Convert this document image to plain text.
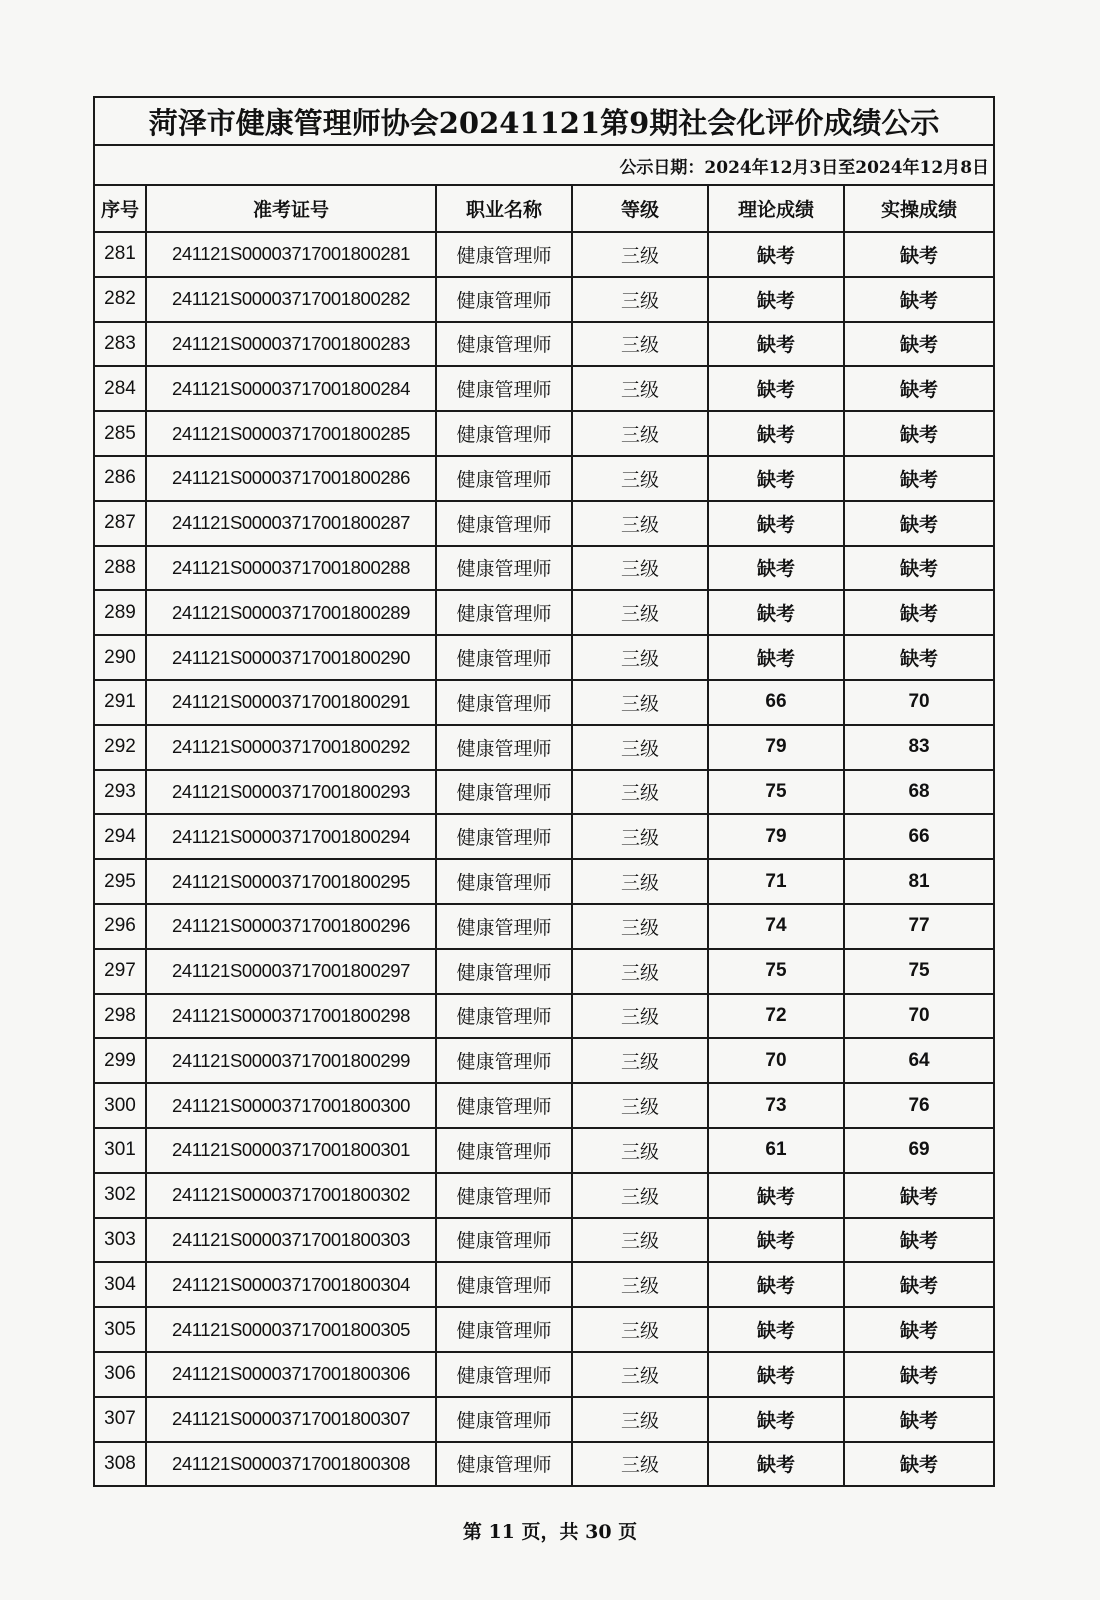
菏泽市健康管理师协会20241121第9期社会化评价成绩公示					
公示日期：2024年12月3日至2024年12月8日					
序号	准考证号	职业名称	等级	理论成绩	实操成绩
281	241121S00003717001800281	健康管理师	三级	缺考	缺考
282	241121S00003717001800282	健康管理师	三级	缺考	缺考
283	241121S00003717001800283	健康管理师	三级	缺考	缺考
284	241121S00003717001800284	健康管理师	三级	缺考	缺考
285	241121S00003717001800285	健康管理师	三级	缺考	缺考
286	241121S00003717001800286	健康管理师	三级	缺考	缺考
287	241121S00003717001800287	健康管理师	三级	缺考	缺考
288	241121S00003717001800288	健康管理师	三级	缺考	缺考
289	241121S00003717001800289	健康管理师	三级	缺考	缺考
290	241121S00003717001800290	健康管理师	三级	缺考	缺考
291	241121S00003717001800291	健康管理师	三级	66	70
292	241121S00003717001800292	健康管理师	三级	79	83
293	241121S00003717001800293	健康管理师	三级	75	68
294	241121S00003717001800294	健康管理师	三级	79	66
295	241121S00003717001800295	健康管理师	三级	71	81
296	241121S00003717001800296	健康管理师	三级	74	77
297	241121S00003717001800297	健康管理师	三级	75	75
298	241121S00003717001800298	健康管理师	三级	72	70
299	241121S00003717001800299	健康管理师	三级	70	64
300	241121S00003717001800300	健康管理师	三级	73	76
301	241121S00003717001800301	健康管理师	三级	61	69
302	241121S00003717001800302	健康管理师	三级	缺考	缺考
303	241121S00003717001800303	健康管理师	三级	缺考	缺考
304	241121S00003717001800304	健康管理师	三级	缺考	缺考
305	241121S00003717001800305	健康管理师	三级	缺考	缺考
306	241121S00003717001800306	健康管理师	三级	缺考	缺考
307	241121S00003717001800307	健康管理师	三级	缺考	缺考
308	241121S00003717001800308	健康管理师	三级	缺考	缺考
第 11 页，共 30 页
